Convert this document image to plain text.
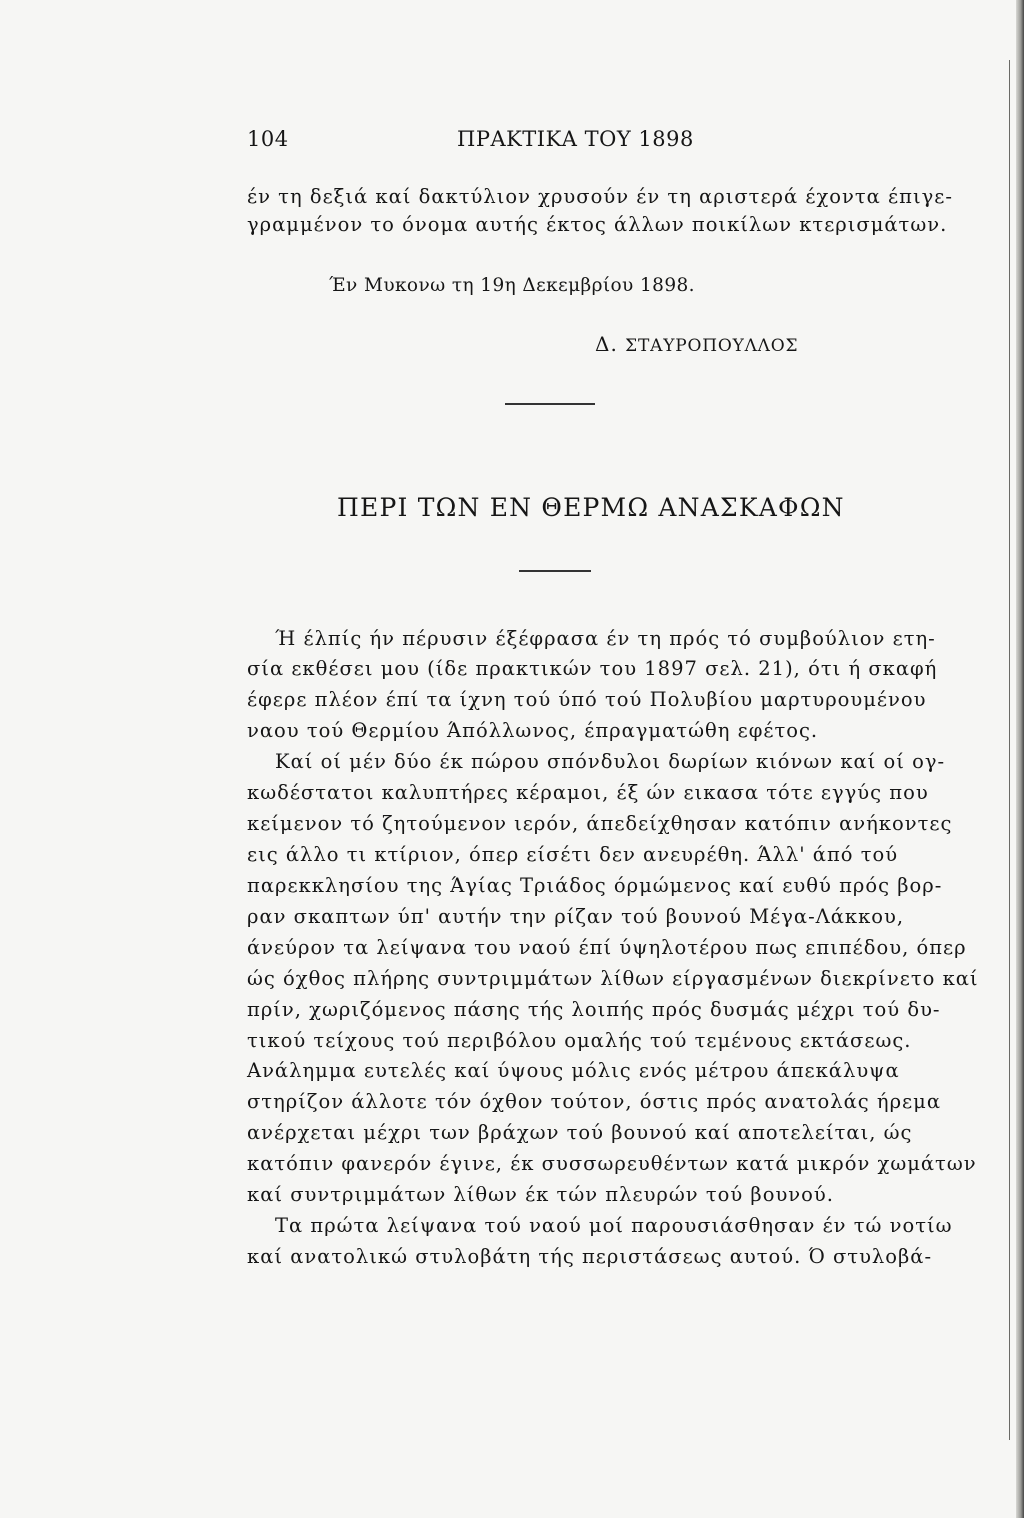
104	ΠΡΑΚΤΙΚΑ ΤΟΥ 1898
έν τη δεξιά καί δακτύλιον χρυσούν έν τη αριστερά έχοντα έπιγε-
γραμμένον το όνομα αυτής έκτος άλλων ποικίλων κτερισμάτων.
Έν Μυκονω τη 19η Δεκεμβρίου 1898.
Δ. ΣΤΑΥΡΟΠΟΥΛΛΟΣ
ΠΕΡΙ ΤΩΝ ΕΝ ΘΕΡΜΩ ΑΝΑΣΚΑΦΩΝ
Ή έλπίς ήν πέρυσιν έξέφρασα έν τη πρός τό συμβούλιον ετη-
σία εκθέσει μου (ίδε πρακτικών του 1897 σελ. 21), ότι ή σκαφή
έφερε πλέον έπί τα ίχνη τού ύπό τού Πολυβίου μαρτυρουμένου
ναου τού Θερμίου Άπόλλωνος, έπραγματώθη εφέτος.
Καί οί μέν δύο έκ πώρου σπόνδυλοι δωρίων κιόνων καί οί ογ-
κωδέστατοι καλυπτήρες κέραμοι, έξ ών εικασα τότε εγγύς που
κείμενον τό ζητούμενον ιερόν, άπεδείχθησαν κατόπιν ανήκοντες
εις άλλο τι κτίριον, όπερ είσέτι δεν ανευρέθη. Άλλ' άπό τού
παρεκκλησίου της Άγίας Τριάδος όρμώμενος καί ευθύ πρός βορ-
ραν σκαπτων ύπ' αυτήν την ρίζαν τού βουνού Μέγα-Λάκκου,
άνεύρον τα λείψανα του ναού έπί ύψηλοτέρου πως επιπέδου, όπερ
ώς όχθος πλήρης συντριμμάτων λίθων είργασμένων διεκρίνετο καί
πρίν, χωριζόμενος πάσης τής λοιπής πρός δυσμάς μέχρι τού δυ-
τικού τείχους τού περιβόλου ομαλής τού τεμένους εκτάσεως.
Ανάλημμα ευτελές καί ύψους μόλις ενός μέτρου άπεκάλυψα
στηρίζον άλλοτε τόν όχθον τούτον, όστις πρός ανατολάς ήρεμα
ανέρχεται μέχρι των βράχων τού βουνού καί αποτελείται, ώς
κατόπιν φανερόν έγινε, έκ συσσωρευθέντων κατά μικρόν χωμάτων
καί συντριμμάτων λίθων έκ τών πλευρών τού βουνού.
Τα πρώτα λείψανα τού ναού μοί παρουσιάσθησαν έν τώ νοτίω
καί ανατολικώ στυλοβάτη τής περιστάσεως αυτού. Ό στυλοβά-
